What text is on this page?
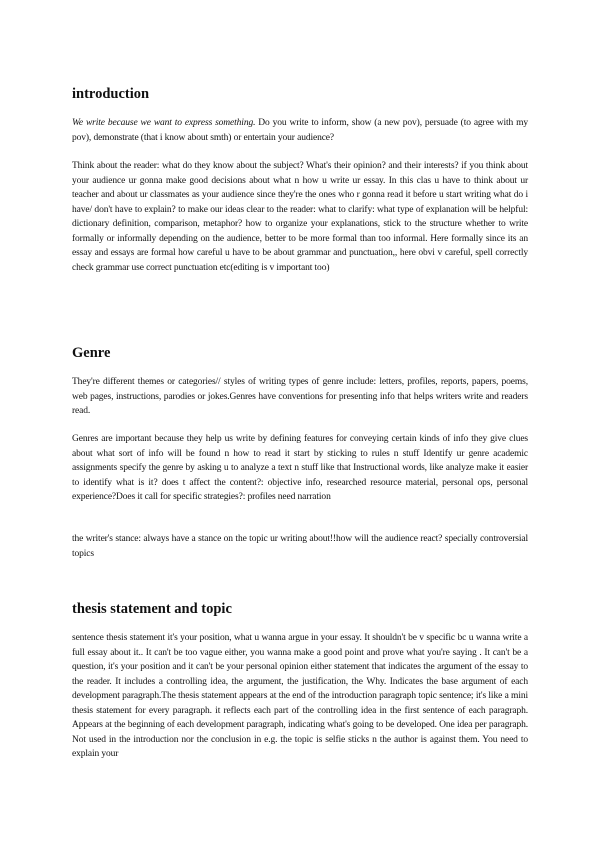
introduction

We write because we want to express something. Do you write to inform, show (a new pov), persuade (to agree with my pov), demonstrate (that i know about smth) or entertain your audience?

Think about the reader: what do they know about the subject? What's their opinion? and their interests? if you think about your audience ur gonna make good decisions about what n how u write ur essay. In this clas u have to think about ur teacher and about ur classmates as your audience since they're the ones who r gonna read it before u start writing what do i have/ don't have to explain? to make our ideas clear to the reader: what to clarify: what type of explanation will be helpful: dictionary definition, comparison, metaphor? how to organize your explanations, stick to the structure whether to write formally or informally depending on the audience, better to be more formal than too informal. Here formally since its an essay and essays are formal how careful u have to be about grammar and punctuation,, here obvi v careful, spell correctly check grammar use correct punctuation etc(editing is v important too)

Genre

They're different themes or categories// styles of writing types of genre include: letters, profiles, reports, papers, poems, web pages, instructions, parodies or jokes.Genres have conventions for presenting info that helps writers write and readers read.

Genres are important because they help us write by defining features for conveying certain kinds of info they give clues about what sort of info will be found n how to read it start by sticking to rules n stuff Identify ur genre academic assignments specify the genre by asking u to analyze a text n stuff like that Instructional words, like analyze make it easier to identify what is it? does t affect the content?: objective info, researched resource material, personal ops, personal experience?Does it call for specific strategies?: profiles need narration

the writer's stance: always have a stance on the topic ur writing about!!how will the audience react? specially controversial topics

thesis statement and topic

sentence thesis statement it's your position, what u wanna argue in your essay. It shouldn't be v specific bc u wanna write a full essay about it.. It can't be too vague either, you wanna make a good point and prove what you're saying . It can't be a question, it's your position and it can't be your personal opinion either statement that indicates the argument of the essay to the reader. It includes a controlling idea, the argument, the justification, the Why. Indicates the base argument of each development paragraph.The thesis statement appears at the end of the introduction paragraph topic sentence; it's like a mini thesis statement for every paragraph. it reflects each part of the controlling idea in the first sentence of each paragraph. Appears at the beginning of each development paragraph, indicating what's going to be developed. One idea per paragraph. Not used in the introduction nor the conclusion in e.g. the topic is selfie sticks n the author is against them. You need to explain your
